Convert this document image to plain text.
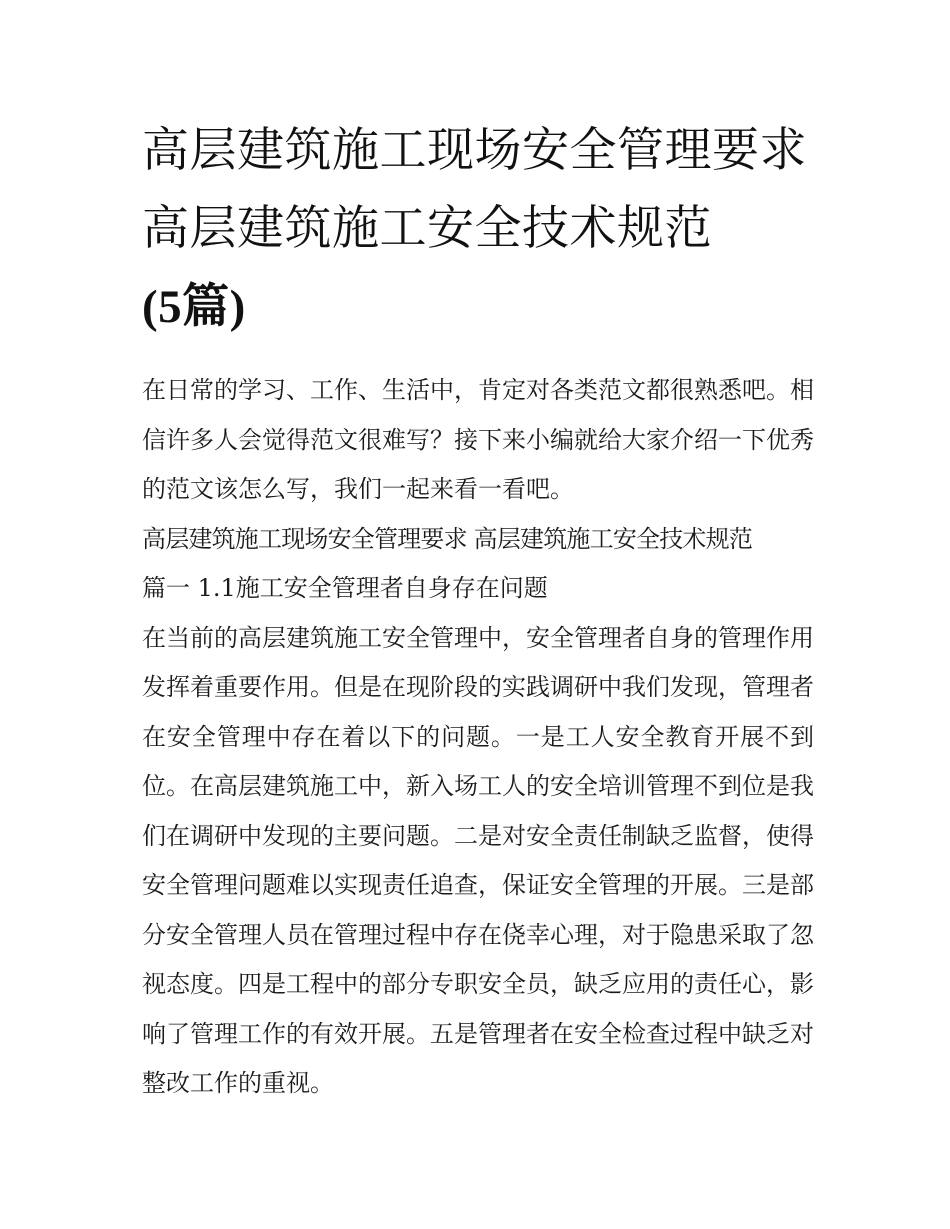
高层建筑施工现场安全管理要求 高层建筑施工安全技术规范
(5篇)

在日常的学习、工作、生活中，肯定对各类范文都很熟悉吧。相信许多人会觉得范文很难写？接下来小编就给大家介绍一下优秀的范文该怎么写，我们一起来看一看吧。

高层建筑施工现场安全管理要求 高层建筑施工安全技术规范

篇一 1.1施工安全管理者自身存在问题

在当前的高层建筑施工安全管理中，安全管理者自身的管理作用发挥着重要作用。但是在现阶段的实践调研中我们发现，管理者在安全管理中存在着以下的问题。一是工人安全教育开展不到位。在高层建筑施工中，新入场工人的安全培训管理不到位是我们在调研中发现的主要问题。二是对安全责任制缺乏监督，使得安全管理问题难以实现责任追查，保证安全管理的开展。三是部分安全管理人员在管理过程中存在侥幸心理，对于隐患采取了忽视态度。四是工程中的部分专职安全员，缺乏应用的责任心，影响了管理工作的有效开展。五是管理者在安全检查过程中缺乏对整改工作的重视。
